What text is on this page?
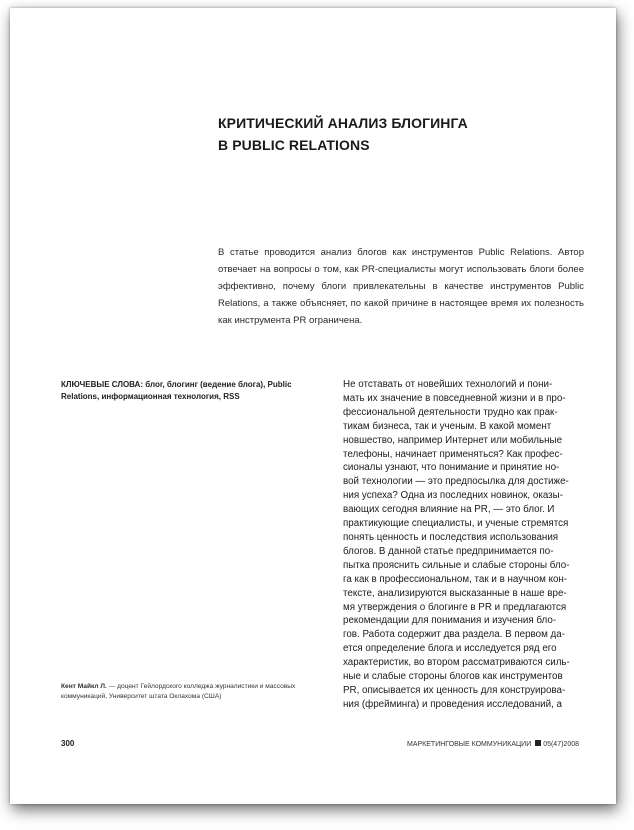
КРИТИЧЕСКИЙ АНАЛИЗ БЛОГИНГА
В PUBLIC RELATIONS
В статье проводится анализ блогов как инструментов Public Relations. Автор отвечает на вопросы о том, как PR-специалисты могут использовать блоги более эффективно, почему блоги привлекательны в качестве инструментов Public Relations, а также объясняет, по какой причине в настоящее время их полезность как инструмента PR ограничена.
КЛЮЧЕВЫЕ СЛОВА: блог, блогинг (ведение блога), Public Relations, информационная технология, RSS
Не отставать от новейших технологий и пони-
мать их значение в повседневной жизни и в про-
фессиональной деятельности трудно как прак-
тикам бизнеса, так и ученым. В какой момент
новшество, например Интернет или мобильные
телефоны, начинает применяться? Как профес-
сионалы узнают, что понимание и принятие но-
вой технологии — это предпосылка для достиже-
ния успеха? Одна из последних новинок, оказы-
вающих сегодня влияние на PR, — это блог. И
практикующие специалисты, и ученые стремятся
понять ценность и последствия использования
блогов. В данной статье предпринимается по-
пытка прояснить сильные и слабые стороны бло-
га как в профессиональном, так и в научном кон-
тексте, анализируются высказанные в наше вре-
мя утверждения о блогинге в PR и предлагаются
рекомендации для понимания и изучения бло-
гов. Работа содержит два раздела. В первом да-
ется определение блога и исследуется ряд его
характеристик, во втором рассматриваются силь-
ные и слабые стороны блогов как инструментов
PR, описывается их ценность для конструирова-
ния (фрейминга) и проведения исследований, а
Кент Майкл Л. — доцент Гейлордского колледжа журналистики и массовых коммуникаций, Университет штата Оклахома (США)
300	МАРКЕТИНГОВЫЕ КОММУНИКАЦИИ 05(47)2008
